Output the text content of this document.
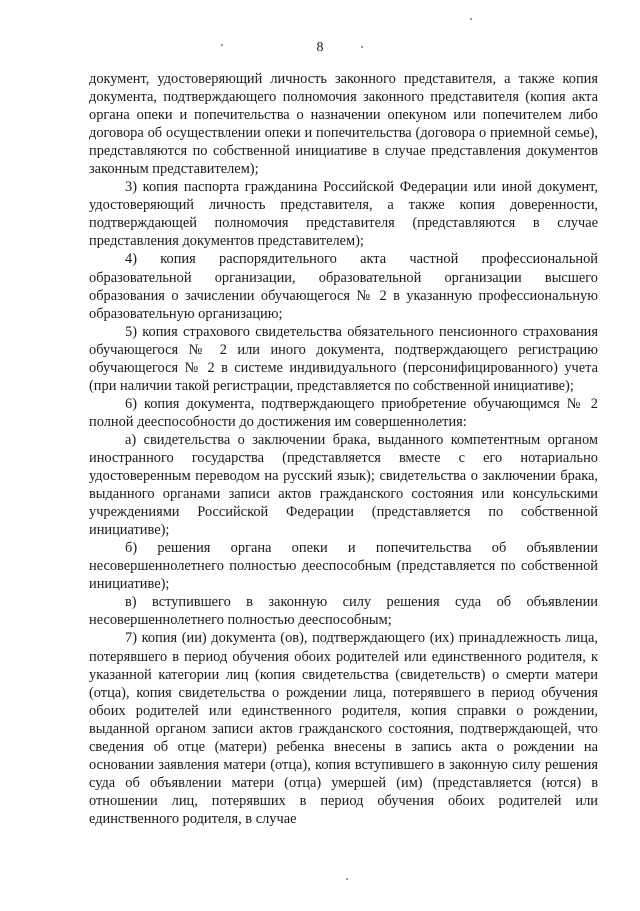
8

документ, удостоверяющий личность законного представителя, а также копия документа, подтверждающего полномочия законного представителя (копия акта органа опеки и попечительства о назначении опекуном или попечителем либо договора об осуществлении опеки и попечительства (договора о приемной семье), представляются по собственной инициативе в случае представления документов законным представителем);

3) копия паспорта гражданина Российской Федерации или иной документ, удостоверяющий личность представителя, а также копия доверенности, подтверждающей полномочия представителя (представляются в случае представления документов представителем);

4) копия распорядительного акта частной профессиональной образовательной организации, образовательной организации высшего образования о зачислении обучающегося № 2 в указанную профессиональную образовательную организацию;

5) копия страхового свидетельства обязательного пенсионного страхования обучающегося № 2 или иного документа, подтверждающего регистрацию обучающегося № 2 в системе индивидуального (персонифицированного) учета (при наличии такой регистрации, представляется по собственной инициативе);

6) копия документа, подтверждающего приобретение обучающимся № 2 полной дееспособности до достижения им совершеннолетия:

а) свидетельства о заключении брака, выданного компетентным органом иностранного государства (представляется вместе с его нотариально удостоверенным переводом на русский язык); свидетельства о заключении брака, выданного органами записи актов гражданского состояния или консульскими учреждениями Российской Федерации (представляется по собственной инициативе);

б) решения органа опеки и попечительства об объявлении несовершеннолетнего полностью дееспособным (представляется по собственной инициативе);

в) вступившего в законную силу решения суда об объявлении несовершеннолетнего полностью дееспособным;

7) копия (ии) документа (ов), подтверждающего (их) принадлежность лица, потерявшего в период обучения обоих родителей или единственного родителя, к указанной категории лиц (копия свидетельства (свидетельств) о смерти матери (отца), копия свидетельства о рождении лица, потерявшего в период обучения обоих родителей или единственного родителя, копия справки о рождении, выданной органом записи актов гражданского состояния, подтверждающей, что сведения об отце (матери) ребенка внесены в запись акта о рождении на основании заявления матери (отца), копия вступившего в законную силу решения суда об объявлении матери (отца) умершей (им) (представляется (ются) в отношении лиц, потерявших в период обучения обоих родителей или единственного родителя, в случае
